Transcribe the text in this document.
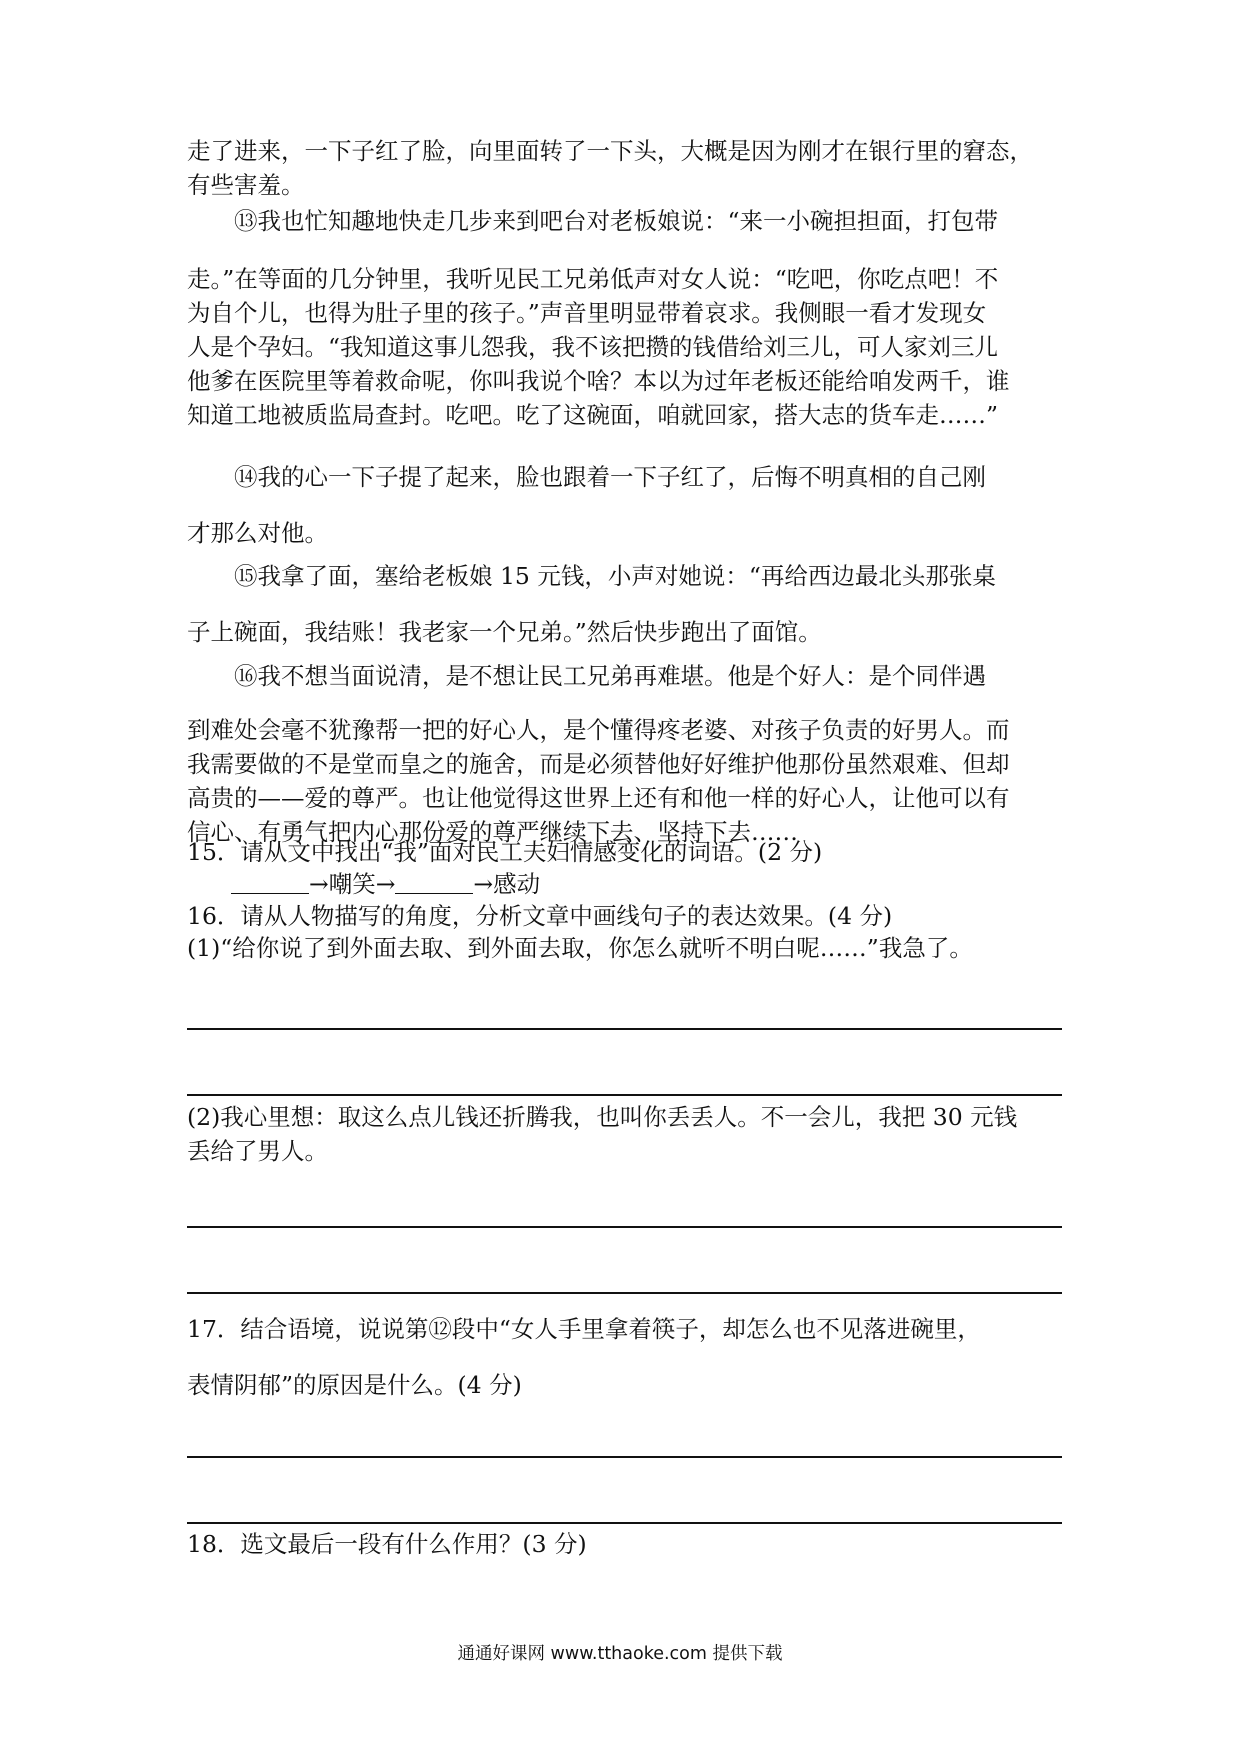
走了进来，一下子红了脸，向里面转了一下头，大概是因为刚才在银行里的窘态，
有些害羞。
⑬我也忙知趣地快走几步来到吧台对老板娘说：“来一小碗担担面，打包带
走。”在等面的几分钟里，我听见民工兄弟低声对女人说：“吃吧，你吃点吧！不
为自个儿，也得为肚子里的孩子。”声音里明显带着哀求。我侧眼一看才发现女
人是个孕妇。“我知道这事儿怨我，我不该把攒的钱借给刘三儿，可人家刘三儿
他爹在医院里等着救命呢，你叫我说个啥？本以为过年老板还能给咱发两千，谁
知道工地被质监局查封。吃吧。吃了这碗面，咱就回家，搭大志的货车走……”
⑭我的心一下子提了起来，脸也跟着一下子红了，后悔不明真相的自己刚
才那么对他。
⑮我拿了面，塞给老板娘 15 元钱，小声对她说：“再给西边最北头那张桌
子上碗面，我结账！我老家一个兄弟。”然后快步跑出了面馆。
⑯我不想当面说清，是不想让民工兄弟再难堪。他是个好人：是个同伴遇
到难处会毫不犹豫帮一把的好心人，是个懂得疼老婆、对孩子负责的好男人。而
我需要做的不是堂而皇之的施舍，而是必须替他好好维护他那份虽然艰难、但却
高贵的——爱的尊严。也让他觉得这世界上还有和他一样的好心人，让他可以有
信心、有勇气把内心那份爱的尊严继续下去、坚持下去……
15．请从文中找出“我”面对民工夫妇情感变化的词语。(2 分)
→嘲笑→	→感动
16．请从人物描写的角度，分析文章中画线句子的表达效果。(4 分)
(1)“给你说了到外面去取、到外面去取，你怎么就听不明白呢……”我急了。
(2)我心里想：取这么点儿钱还折腾我，也叫你丢丢人。不一会儿，我把 30 元钱
丢给了男人。
17．结合语境，说说第⑫段中“女人手里拿着筷子，却怎么也不见落进碗里，
表情阴郁”的原因是什么。(4 分)
18．选文最后一段有什么作用？(3 分)
通通好课网 www.tthaoke.com 提供下载
